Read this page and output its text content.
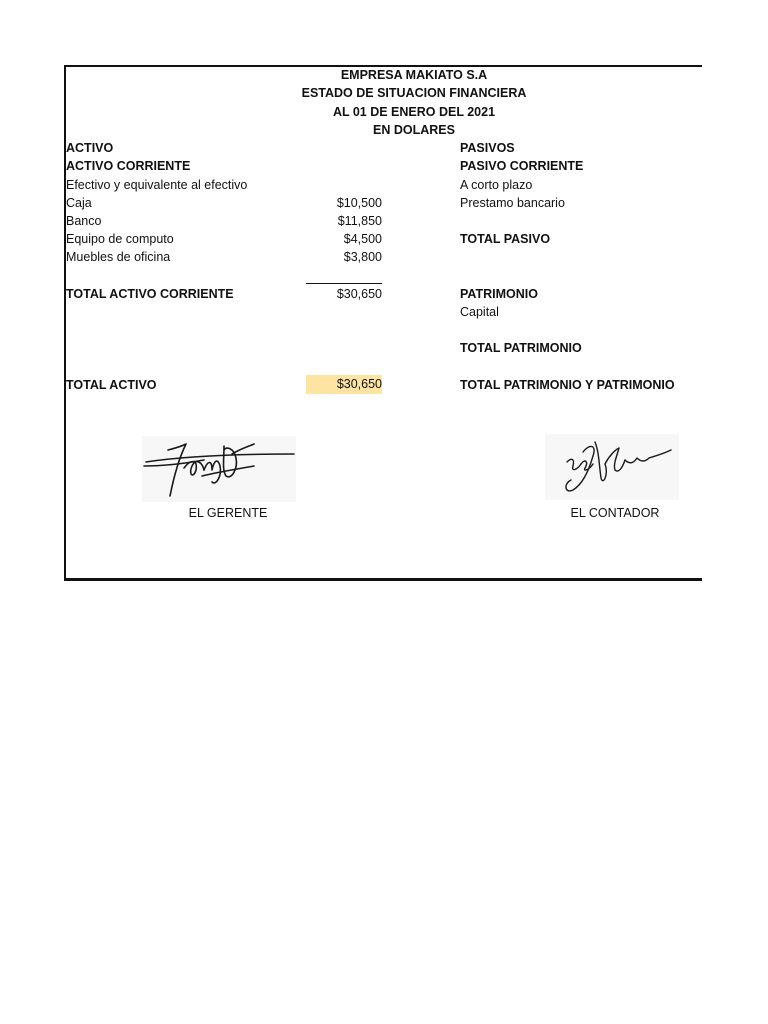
EMPRESA MAKIATO S.A
ESTADO DE SITUACION FINANCIERA
AL 01 DE ENERO DEL 2021
EN DOLARES
ACTIVO
ACTIVO CORRIENTE
Efectivo y equivalente al efectivo
Caja	$10,500
Banco	$11,850
Equipo de computo	$4,500
Muebles de oficina	$3,800
TOTAL ACTIVO CORRIENTE	$30,650
TOTAL ACTIVO	$30,650
PASIVOS
PASIVO CORRIENTE
A corto plazo
Prestamo bancario
TOTAL PASIVO
PATRIMONIO
Capital
TOTAL PATRIMONIO
TOTAL PATRIMONIO Y PATRIMONIO
EL GERENTE	EL CONTADOR
